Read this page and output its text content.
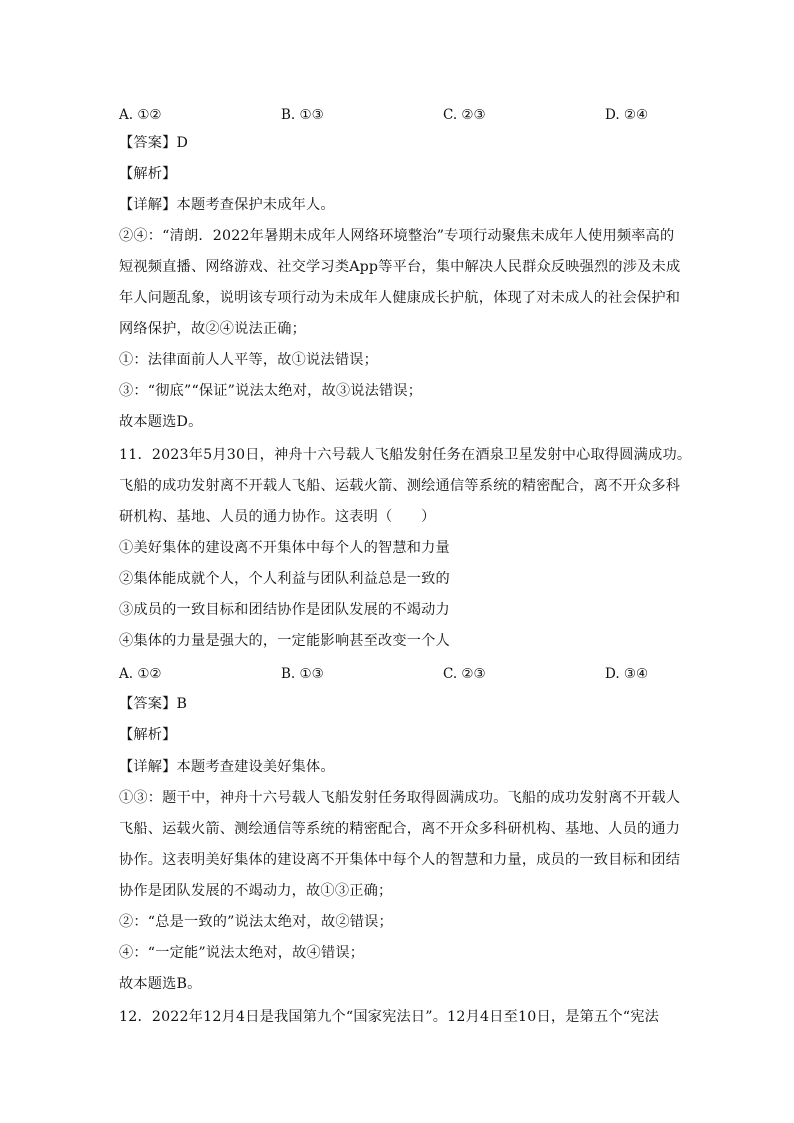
A. ①②	B. ①③	C. ②③	D. ②④
【答案】D
【解析】
【详解】本题考查保护未成年人。
②④：“清朗．2022年暑期未成年人网络环境整治”专项行动聚焦未成年人使用频率高的
短视频直播、网络游戏、社交学习类App等平台，集中解决人民群众反映强烈的涉及未成
年人问题乱象，说明该专项行动为未成年人健康成长护航，体现了对未成人的社会保护和
网络保护，故②④说法正确；
①：法律面前人人平等，故①说法错误；
③：“彻底”“保证”说法太绝对，故③说法错误；
故本题选D。
11．2023年5月30日，神舟十六号载人飞船发射任务在酒泉卫星发射中心取得圆满成功。
飞船的成功发射离不开载人飞船、运载火箭、测绘通信等系统的精密配合，离不开众多科
研机构、基地、人员的通力协作。这表明（　　）
①美好集体的建设离不开集体中每个人的智慧和力量
②集体能成就个人，个人利益与团队利益总是一致的
③成员的一致目标和团结协作是团队发展的不竭动力
④集体的力量是强大的，一定能影响甚至改变一个人
A. ①②	B. ①③	C. ②③	D. ③④
【答案】B
【解析】
【详解】本题考查建设美好集体。
①③：题干中，神舟十六号载人飞船发射任务取得圆满成功。飞船的成功发射离不开载人
飞船、运载火箭、测绘通信等系统的精密配合，离不开众多科研机构、基地、人员的通力
协作。这表明美好集体的建设离不开集体中每个人的智慧和力量，成员的一致目标和团结
协作是团队发展的不竭动力，故①③正确；
②：“总是一致的”说法太绝对，故②错误；
④：“一定能”说法太绝对，故④错误；
故本题选B。
12．2022年12月4日是我国第九个“国家宪法日”。12月4日至10日，是第五个“宪法
